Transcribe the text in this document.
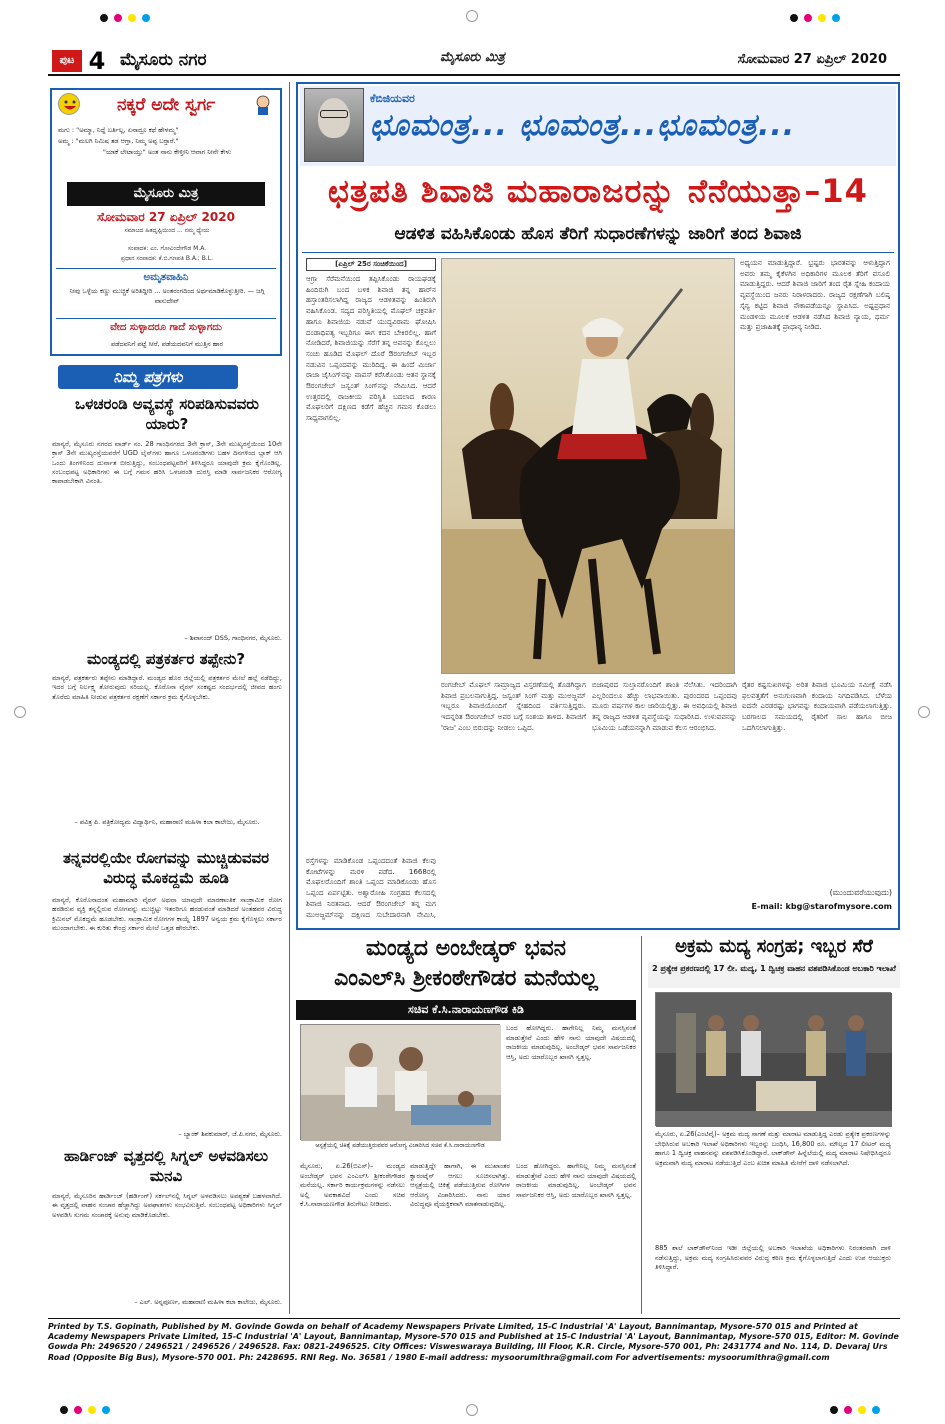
ಪುಟ 4 ಮೈಸೂರು ನಗರ	ಮೈಸೂರು ಮಿತ್ರ	ಸೋಮವಾರ 27 ಏಪ್ರಿಲ್ 2020
ನಕ್ಕರೆ ಅದೇ ಸ್ವರ್ಗ
ಮಗು : "ಅಮ್ಮಾ, ನಿದ್ದೆ ಬರ್ತಿಲ್ಲ, ಏನಾದ್ರೂ ಕಥೆ ಹೇಳಮ್ಮ"
ಅಮ್ಮ : "ಮಲಗಿ ನಿಮಿಷ ತಡ ಆಗ್ತಾ, ನಿಮ್ಮ ಅಪ್ಪ ಬರ್‍ತಾರೆ."
"ಯಾಕೆ ಲೇಟಾಯ್ತು" ಅಂತ ನಾನು ಕೇಳ್ತೀನಿ ಆವಾಗ ನೀನೇ ಕೇಳು
ಮೈಸೂರು ಮಿತ್ರ
ಸೋಮವಾರ 27 ಏಪ್ರಿಲ್ 2020
ಸಮಾಜದ ಹಿತದೃಷ್ಟಿಯಿಂದ ... ನಮ್ಮ ಧ್ಯೇಯ
ಸಂಪಾದಕ: ಎಂ. ಗೋವಿಂದೇಗೌಡ M.A.
ಪ್ರಧಾನ ಸಂಪಾದಕ: ಕೆ.ಬಿ.ಗಣಪತಿ B.A.; B.L.
ಅಮೃತವಾಹಿನಿ
ನೀವು ಒಳ್ಳೆಯ ಕಣ್ಣು ಮುಚ್ಚಿಕೆ ಅರಿತಿದ್ದೀರಿ ... ಅಂತರಂಗದಿಂದ ಅರ್ಥಮಾಡಿಕೊಳ್ಳುತ್ತೀರಿ. — ಜಗ್ಗಿ ವಾಸುದೇವ್
ವೇದ ಸುಳ್ಳಾದರೂ ಗಾದೆ ಸುಳ್ಳಾಗದು
ಪಡೆದವನಿಗೆ ಪಟ್ಟೆ ಸೀರೆ, ಪಡೆಯದವನಿಗೆ ಮುತ್ತಿನ ಹಾರ
ನಿಮ್ಮ ಪತ್ರಗಳು
ಒಳಚರಂಡಿ ಅವ್ಯವಸ್ಥೆ ಸರಿಪಡಿಸುವವರು ಯಾರು?
ಮಾನ್ಯರೆ, ಮೈಸೂರು ನಗರದ ವಾರ್ಡ್ ನಂ. 28 ಗಾಂಧಿನಗರದ 3ನೇ ಕ್ರಾಸ್, 3ನೇ ಮುಖ್ಯರಸ್ತೆಯಿಂದ 10ನೇ ಕ್ರಾಸ್ 3ನೇ ಮುಖ್ಯರಸ್ತೆಯವರೆಗೆ UGD ಲೈನ್‌ಗಳು ಹಾಗೂ ಒಳಚರಂಡಿಗಳು ಬಹಳ ದಿನಗಳಿಂದ ಬ್ಲಾಕ್ ಆಗಿ ಒಂದು ತಿಂಗಳಿನಿಂದ ದುರ್ನಾತ ಬೀರುತ್ತಿದ್ದು, ಸಂಬಂಧಪಟ್ಟವರಿಗೆ ತಿಳಿಸಿದ್ದರೂ ಯಾವುದೇ ಕ್ರಮ ಕೈಗೊಂಡಿಲ್ಲ. ಸಂಬಂಧಪಟ್ಟ ಅಧಿಕಾರಿಗಳು ಈ ಬಗ್ಗೆ ಗಮನ ಹರಿಸಿ ಒಳಚರಂಡಿ ದುರಸ್ತಿ ಮಾಡಿ ಸಾರ್ವಜನಿಕರ ಆರೋಗ್ಯ ಕಾಪಾಡಬೇಕಾಗಿ ವಿನಂತಿ.
– ಶಿವಾನಂದ್ DSS, ಗಾಂಧಿನಗರ, ಮೈಸೂರು.
ಮಂಡ್ಯದಲ್ಲಿ ಪತ್ರಕರ್ತರ ತಪ್ಪೇನು?
ಮಾನ್ಯರೆ, ಪತ್ರಕರ್ತರು ತಪ್ಪೇನು ಮಾಡಿದ್ದಾರೆ. ಮಂಡ್ಯದ ಹೊರ ಜಿಲ್ಲೆಯಲ್ಲಿ ಪತ್ರಕರ್ತರ ಮೇಲೆ ಹಲ್ಲೆ ನಡೆದಿದ್ದು, ಇದರ ಬಗ್ಗೆ ನಿರ್ಲಕ್ಷ್ಯ ತೋರುವುದು ಸರಿಯಲ್ಲ. ಕೊರೊನಾ ವೈರಸ್ ಸಂಕಷ್ಟದ ಸಂದರ್ಭದಲ್ಲಿ ಜೀವದ ಹಂಗು ತೊರೆದು ಮಾಹಿತಿ ನೀಡುವ ಪತ್ರಕರ್ತರ ರಕ್ಷಣೆಗೆ ಸರ್ಕಾರ ಕ್ರಮ ಕೈಗೊಳ್ಳಬೇಕು.
– ಪವಿತ್ರ ಪಿ. ಪತ್ರಿಕೋದ್ಯಮ ವಿದ್ಯಾರ್ಥಿನಿ, ಮಹಾರಾಣಿ ಮಹಿಳಾ ಕಲಾ ಕಾಲೇಜು, ಮೈಸೂರು.
ತನ್ನವರಲ್ಲಿಯೇ ರೋಗವನ್ನು ಮುಚ್ಚಿಡುವವರ ವಿರುದ್ಧ ಮೊಕದ್ದಮೆ ಹೂಡಿ
ಮಾನ್ಯರೆ, ಕೊರೊನಾದಂತ ಮಹಾಮಾರಿ ವೈರಸ್ ಅಥವಾ ಯಾವುದೇ ಮಾರಣಾಂತಿಕ ಸಾಂಕ್ರಾಮಿಕ ರೋಗ ಹರಡಿರುವ ವ್ಯಕ್ತಿ ತನ್ನಲ್ಲಿರುವ ರೋಗವನ್ನು ಮುಚ್ಚಿಟ್ಟು ಇತರರಿಗೂ ಹರಡುವಂತೆ ಮಾಡಿದರೆ ಅಂತಹವರ ವಿರುದ್ಧ ಕ್ರಿಮಿನಲ್ ಮೊಕದ್ದಮೆ ಹೂಡಬೇಕು. ಸಾಂಕ್ರಾಮಿಕ ರೋಗಗಳ ಕಾಯ್ದೆ 1897 ಅನ್ವಯ ಕ್ರಮ ಕೈಗೊಳ್ಳಲು ಸರ್ಕಾರ ಮುಂದಾಗಬೇಕು. ಈ ಕುರಿತು ಕೇಂದ್ರ ಸರ್ಕಾರ ಮೇಲೆ ಒತ್ತಡ ಹೇರಬೇಕು.
– ಬ್ಯಾಂಕ್ ಶಿವಕುಮಾರ್, ಜೆ.ಪಿ.ನಗರ, ಮೈಸೂರು.
ಹಾರ್ಡಿಂಜ್ ವೃತ್ತದಲ್ಲಿ ಸಿಗ್ನಲ್ ಅಳವಡಿಸಲು ಮನವಿ
ಮಾನ್ಯರೆ, ಮೈಸೂರಿನ ಹಾರ್ಡಿಂಜ್ (ಹರ್ಡಿಂಗ್) ಸರ್ಕಲ್‌ನಲ್ಲಿ ಸಿಗ್ನಲ್ ಅಳವಡಿಸಲು ಅವಶ್ಯಕತೆ ಬಹಳವಾಗಿದೆ. ಈ ವೃತ್ತದಲ್ಲಿ ವಾಹನ ಸಂಚಾರ ಹೆಚ್ಚಾಗಿದ್ದು ಅಪಘಾತಗಳು ಸಂಭವಿಸುತ್ತಿವೆ. ಸಂಬಂಧಪಟ್ಟ ಅಧಿಕಾರಿಗಳು ಸಿಗ್ನಲ್ ಅಳವಡಿಸಿ ಸುಗಮ ಸಂಚಾರಕ್ಕೆ ಅನುವು ಮಾಡಿಕೊಡಬೇಕು.
– ಎಲ್. ಅನ್ನಪೂರ್ಣ, ಮಹಾರಾಣಿ ಮಹಿಳಾ ಕಲಾ ಕಾಲೇಜು, ಮೈಸೂರು.
ಕೆಬಿಜಿಯವರ
ಛೂಮಂತ್ರ... ಛೂಮಂತ್ರ...ಛೂಮಂತ್ರ...
ಛತ್ರಪತಿ ಶಿವಾಜಿ ಮಹಾರಾಜರನ್ನು ನೆನೆಯುತ್ತಾ–14
ಆಡಳಿತ ವಹಿಸಿಕೊಂಡು ಹೊಸ ತೆರಿಗೆ ಸುಧಾರಣೆಗಳನ್ನು ಜಾರಿಗೆ ತಂದ ಶಿವಾಜಿ
[ಏಪ್ರಿಲ್ 25ರ ಸಂಚಿಕೆಯಿಂದ]
ಆಗ್ರಾ ಸೆರೆಮನೆಯಿಂದ ತಪ್ಪಿಸಿಕೊಂಡು ರಾಯಘಡಕ್ಕೆ ಹಿಂದಿರುಗಿ ಬಂದ ಬಳಿಕ ಶಿವಾಜಿ ತನ್ನ ಹಾರ್‌ನ ಹಸ್ತಾಂತರಿಸಲಾಗಿದ್ದ ರಾಜ್ಯದ ಆಡಳಿತವನ್ನು ಹಿಂತಿರುಗಿ ವಹಿಸಿಕೊಂಡ. ಸದ್ಯದ ಪರಿಸ್ಥಿತಿಯಲ್ಲಿ ಮೊಘಲ್ ಚಕ್ರವರ್ತಿ ಹಾಗೂ ಶಿವಾಜಿಯ ನಡುವೆ ಯುದ್ಧವಿರಾಮ ಘೋಷಿಸಿ ದಂಡಾಧಿಪತ್ಯ ಇಬ್ಬರಿಗೂ ಈಗ ಕದನ ಬೇಕಿರಲಿಲ್ಲ. ಹಾಗೆ ನೋಡಿದರೆ, ಶಿವಾಜಿಯನ್ನು ಸೆರೆಗೆ ತನ್ನ ಅವನನ್ನು ಕೊಲ್ಲಲು ಸಂಚು ಹೂಡಿದ ಮೊಘಲ್ ದೊರೆ ಔರಂಗಜೇಬ್ ಇಬ್ಬರ ನಡುವಿನ ಒಪ್ಪಂದವನ್ನು ಮುರಿದಿದ್ದ. ಈ ಹಿಂದೆ ಮಿರ್ಜಾ ರಾಜಾ ಜೈಸಿಂಗ್‌ನನ್ನು ವಾಪಸ್ ಕರೆಸಿಕೊಂಡು ಆತನ ಸ್ಥಾನಕ್ಕೆ ಔರಂಗಜೇಬ್ ಜಸ್ವಂತ್ ಸಿಂಗ್‌ನನ್ನು ನೇಮಿಸಿದ. ಆದರೆ ಉತ್ತರದಲ್ಲಿ ರಾಜಕೀಯ ಪರಿಸ್ಥಿತಿ ಬದಲಾದ ಕಾರಣ ಮೊಘಲರಿಗೆ ದಕ್ಷಿಣದ ಕಡೆಗೆ ಹೆಚ್ಚಿನ ಗಮನ ಕೊಡಲು ಸಾಧ್ಯವಾಗಲಿಲ್ಲ.
ಅಧ್ಯಯನ ಮಾಡುತ್ತಿದ್ದಾರೆ. ಭ್ರಷ್ಟರು ಭಾರತವನ್ನು ಆಳುತ್ತಿದ್ದಾಗ ಅವರು ತಮ್ಮ ಕೈಕೆಳಗಿನ ಅಧಿಕಾರಿಗಳ ಮೂಲಕ ತೆರಿಗೆ ವಸೂಲಿ ಮಾಡುತ್ತಿದ್ದರು. ಆದರೆ ಶಿವಾಜಿ ಜಾರಿಗೆ ತಂದ ರೈತ ಸ್ನೇಹಿ ಕಂದಾಯ ವ್ಯವಸ್ಥೆಯಿಂದ ಜನರು ನಿರಾಳರಾದರು. ರಾಜ್ಯದ ರಕ್ಷಣೆಗಾಗಿ ಬಲಿಷ್ಠ ಸೈನ್ಯ ಕಟ್ಟಿದ ಶಿವಾಜಿ ನೌಕಾಪಡೆಯನ್ನೂ ಸ್ಥಾಪಿಸಿದ. ಅಷ್ಟಪ್ರಧಾನ ಮಂಡಳಿಯ ಮೂಲಕ ಆಡಳಿತ ನಡೆಸಿದ ಶಿವಾಜಿ ನ್ಯಾಯ, ಧರ್ಮ ಮತ್ತು ಪ್ರಜಾಹಿತಕ್ಕೆ ಪ್ರಾಧಾನ್ಯ ನೀಡಿದ.
ರಂಗಜೇಬ್ ಮೊಘಲ್ ಸಾಮ್ರಾಜ್ಯದ ವಿಸ್ತರಣೆಯಲ್ಲಿ ತೊಡಗಿದ್ದಾಗ ಶಿವಾಜಿ ಪ್ರಬಲನಾಗುತ್ತಿದ್ದ. ಜಸ್ವಂತ್ ಸಿಂಗ್ ಮತ್ತು ಮುಅಜ್ಜಮ್ ಇಬ್ಬರೂ ಶಿವಾಜಿಯೊಂದಿಗೆ ಸ್ನೇಹದಿಂದ ವರ್ತಿಸುತ್ತಿದ್ದರು. ಇದನ್ನರಿತ ಔರಂಗಜೇಬ್ ಅವರ ಬಗ್ಗೆ ಸಂಶಯ ತಾಳಿದ. ಶಿವಾಜಿಗೆ 'ರಾಜ' ಎಂಬ ಬಿರುದನ್ನು ನೀಡಲು ಒಪ್ಪಿದ.
ಬಿಜಾಪುರದ ಸುಲ್ತಾನರೊಂದಿಗೆ ಶಾಂತಿ ನೆಲೆಸಿತು. ಇದರಿಂದಾಗಿ ಎಲ್ಲರಿಂದಲೂ ಹೆಚ್ಚು ಲಾಭವಾಯಿತು. ಪುರಂದರದ ಒಪ್ಪಂದವು ಮೂರು ವರ್ಷಗಳ ಕಾಲ ಜಾರಿಯಲ್ಲಿತ್ತು. ಈ ಅವಧಿಯಲ್ಲಿ ಶಿವಾಜಿ ತನ್ನ ರಾಜ್ಯದ ಆಡಳಿತ ವ್ಯವಸ್ಥೆಯನ್ನು ಸುಧಾರಿಸಿದ. ಉಳುವವನನ್ನು ಭೂಮಿಯ ಒಡೆಯನನ್ನಾಗಿ ಮಾಡುವ ಕೆಲಸ ಆರಂಭಿಸಿದ.
ರೈತರ ಕಷ್ಟಸುಖಗಳನ್ನು ಅರಿತ ಶಿವಾಜಿ ಭೂಮಿಯ ಸಮೀಕ್ಷೆ ನಡೆಸಿ ಫಲವತ್ತತೆಗೆ ಅನುಗುಣವಾಗಿ ಕಂದಾಯ ನಿಗದಿಪಡಿಸಿದ. ಬೆಳೆಯ ಐದನೇ ಎರಡರಷ್ಟು ಭಾಗವನ್ನು ಕಂದಾಯವಾಗಿ ಪಡೆಯಲಾಗುತ್ತಿತ್ತು. ಬರಗಾಲದ ಸಮಯದಲ್ಲಿ ರೈತರಿಗೆ ಸಾಲ ಹಾಗೂ ಬೀಜ ಒದಗಿಸಲಾಗುತ್ತಿತ್ತು.
ರಸ್ತೆಗಳನ್ನು ಮಾಡಿಕೊಂಡ ಒಪ್ಪಂದದಂತೆ ಶಿವಾಜಿ ಕೆಲವು ಕೋಟೆಗಳನ್ನು ಮರಳಿ ಪಡೆದ. 1668ರಲ್ಲಿ ಮೊಘಲರೊಂದಿಗೆ ಶಾಂತಿ ಒಪ್ಪಂದ ಮಾಡಿಕೊಂಡು ಹೊಸ ಒಪ್ಪಂದ ಏರ್ಪಟ್ಟಿತು. ಅಶ್ವಾರೋಹಿ ಸಂಗ್ರಹದ ಕೆಲಸದಲ್ಲಿ ಶಿವಾಜಿ ನಿರತನಾದ. ಆದರೆ ಔರಂಗಜೇಬ್ ತನ್ನ ಮಗ ಮುಅಜ್ಜಮ್‌ನನ್ನು ದಕ್ಷಿಣದ ಸುಬೇದಾರನಾಗಿ ನೇಮಿಸಿ,
(ಮುಂದುವರೆಯುವುದು)
E-mail: kbg@starofmysore.com
ಮಂಡ್ಯದ ಅಂಬೇಡ್ಕರ್ ಭವನ
ಎಂಎಲ್‌ಸಿ ಶ್ರೀಕಂಠೇಗೌಡರ ಮನೆಯಲ್ಲ
ಸಚಿವ ಕೆ.ಸಿ.ನಾರಾಯಣಗೌಡ ಕಿಡಿ
ಆಸ್ಪತ್ರೆಯಲ್ಲಿ ಚಿಕಿತ್ಸೆ ಪಡೆಯುತ್ತಿರುವವರ ಆರೋಗ್ಯ ವಿಚಾರಿಸಿದ ಸಚಿವ ಕೆ.ಸಿ.ನಾರಾಯಣಗೌಡ
ಬಂದ ಹೋಗಿದ್ದರು. ಹಾಗೇನಿಲ್ಲ ನಿಮ್ಮ ಮನಸ್ಸಿನಂತೆ ಮಾಡುತ್ತೇವೆ ಎಂದು ಹೇಳಿ ನಾನು ಯಾವುದೇ ವಿಷಯದಲ್ಲಿ ರಾಜಕೀಯ ಮಾಡುವುದಿಲ್ಲ. ಅಂಬೇಡ್ಕರ್ ಭವನ ಸಾರ್ವಜನಿಕರ ಆಸ್ತಿ, ಅದು ಯಾರೊಬ್ಬರ ಖಾಸಗಿ ಸ್ವತ್ತಲ್ಲ.
ಮೈಸೂರು, ಏ.26(ಬಿಎಸ್)– ಮಂಡ್ಯದ ಅಂಬೇಡ್ಕರ್ ಭವನ ಎಂಎಲ್‌ಸಿ ಶ್ರೀಕಂಠೇಗೌಡರ ಮನೆಯಲ್ಲ. ಸರ್ಕಾರಿ ಕಾರ್ಯಕ್ರಮಗಳನ್ನು ನಡೆಸಲು ಅಲ್ಲಿ ಅವಕಾಶವಿದೆ ಎಂದು ಸಚಿವ ಕೆ.ಸಿ.ನಾರಾಯಣಗೌಡ ತಿರುಗೇಟು ನೀಡಿದರು.
ಮಾಡುತ್ತಿದ್ದೇ ಹಾಗಾಗಿ, ಈ ಮುಖಾಂತರ ಕ್ವಾರಂಟೈನ್ ಆಗಲು ಸೂಚಿಸಲಾಗಿತ್ತು. ಆಸ್ಪತ್ರೆಯಲ್ಲಿ ಚಿಕಿತ್ಸೆ ಪಡೆಯುತ್ತಿರುವ ರೋಗಿಗಳ ಆರೋಗ್ಯ ವಿಚಾರಿಸಿದರು. ನಾನು ಯಾರ ವಿರುದ್ಧವೂ ವೈಯಕ್ತಿಕವಾಗಿ ಮಾತನಾಡುವುದಿಲ್ಲ.
ಬಂದ ಹೋಗಿದ್ದರು. ಹಾಗೇನಿಲ್ಲ ನಿಮ್ಮ ಮನಸ್ಸಿನಂತೆ ಮಾಡುತ್ತೇವೆ ಎಂದು ಹೇಳಿ ನಾನು ಯಾವುದೇ ವಿಷಯದಲ್ಲಿ ರಾಜಕೀಯ ಮಾಡುವುದಿಲ್ಲ. ಅಂಬೇಡ್ಕರ್ ಭವನ ಸಾರ್ವಜನಿಕರ ಆಸ್ತಿ, ಅದು ಯಾರೊಬ್ಬರ ಖಾಸಗಿ ಸ್ವತ್ತಲ್ಲ.
ಅಕ್ರಮ ಮದ್ಯ ಸಂಗ್ರಹ; ಇಬ್ಬರ ಸೆರೆ
2 ಪ್ರತ್ಯೇಕ ಪ್ರಕರಣದಲ್ಲಿ 17 ಲೀ. ಮದ್ಯ, 1 ದ್ವಿಚಕ್ರ ವಾಹನ ವಶಪಡಿಸಿಕೊಂಡ ಅಬಕಾರಿ ಇಲಾಖೆ
ಮೈಸೂರು, ಏ.26(ಎಂಟಿವೈ)– ಅಕ್ರಮ ಮದ್ಯ ಸಾಗಣೆ ಮತ್ತು ಮಾರಾಟ ಮಾಡುತ್ತಿದ್ದ ಎರಡು ಪ್ರತ್ಯೇಕ ಪ್ರಕರಣಗಳನ್ನು ಬೇಧಿಸಿರುವ ಅಬಕಾರಿ ಇಲಾಖೆ ಅಧಿಕಾರಿಗಳು ಇಬ್ಬರನ್ನು ಬಂಧಿಸಿ, 16,800 ರೂ. ಮೌಲ್ಯದ 17 ಲೀಟರ್ ಮದ್ಯ ಹಾಗೂ 1 ದ್ವಿಚಕ್ರ ವಾಹನವನ್ನು ವಶಪಡಿಸಿಕೊಂಡಿದ್ದಾರೆ. ಲಾಕ್‌ಡೌನ್ ಹಿನ್ನೆಲೆಯಲ್ಲಿ ಮದ್ಯ ಮಾರಾಟ ನಿಷೇಧಿಸಿದ್ದರೂ ಅಕ್ರಮವಾಗಿ ಮದ್ಯ ಮಾರಾಟ ನಡೆಯುತ್ತಿದೆ ಎಂಬ ಖಚಿತ ಮಾಹಿತಿ ಮೇರೆಗೆ ದಾಳಿ ನಡೆಸಲಾಗಿದೆ.
885 ಶಾಲೆ ಲಾಕ್‌ಡೌನ್‌ನಿಂದ ಇಡೀ ಜಿಲ್ಲೆಯಲ್ಲಿ ಅಬಕಾರಿ ಇಲಾಖೆಯ ಅಧಿಕಾರಿಗಳು ನಿರಂತರವಾಗಿ ದಾಳಿ ನಡೆಸುತ್ತಿದ್ದು, ಅಕ್ರಮ ಮದ್ಯ ಸಂಗ್ರಹಿಸಿರುವವರ ವಿರುದ್ಧ ಕಠಿಣ ಕ್ರಮ ಕೈಗೊಳ್ಳಲಾಗುತ್ತಿದೆ ಎಂದು ಉಪ ಆಯುಕ್ತರು ತಿಳಿಸಿದ್ದಾರೆ.
Printed by T.S. Gopinath, Published by M. Govinde Gowda on behalf of Academy Newspapers Private Limited, 15-C Industrial 'A' Layout, Bannimantap, Mysore-570 015 and Printed at Academy Newspapers Private Limited, 15-C Industrial 'A' Layout, Bannimantap, Mysore-570 015 and Published at 15-C Industrial 'A' Layout, Bannimantap, Mysore-570 015, Editor: M. Govinde Gowda Ph: 2496520 / 2496521 / 2496526 / 2496528. Fax: 0821-2496525. City Offices: Visweswaraya Building, III Floor, K.R. Circle, Mysore-570 001, Ph: 2431774 and No. 114, D. Devaraj Urs Road (Opposite Big Bus), Mysore-570 001. Ph: 2428695. RNI Reg. No. 36581 / 1980 E-mail address: mysoorumithra@gmail.com For advertisements: mysoorumithra@gmail.com
